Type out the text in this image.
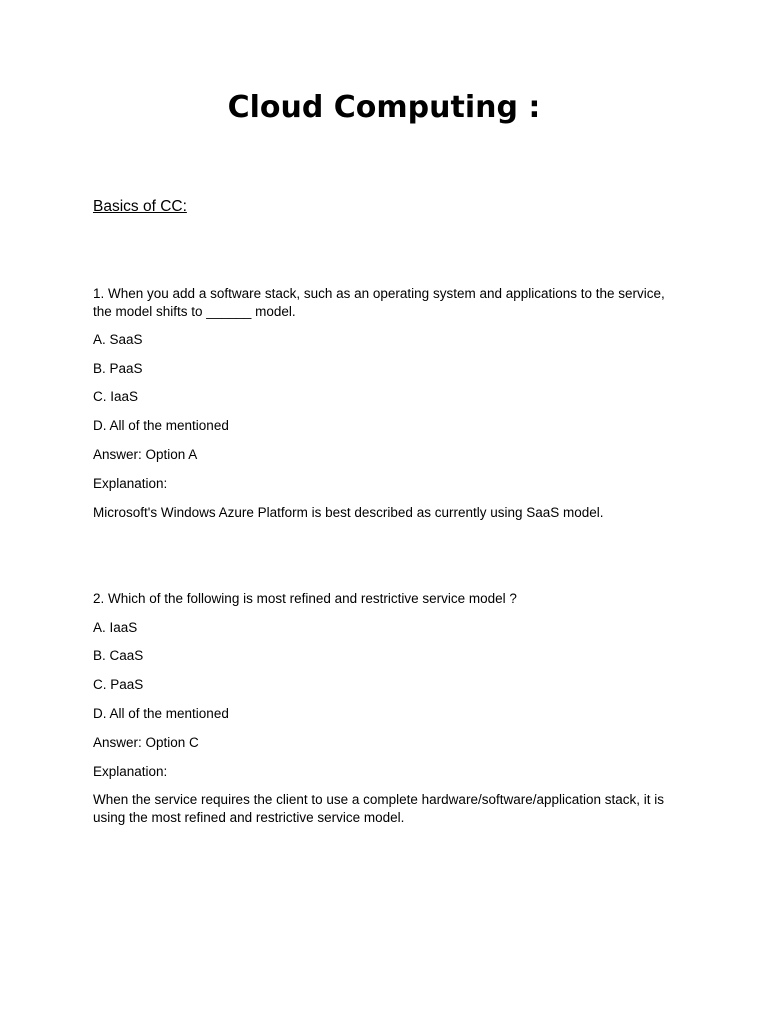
Cloud Computing :
Basics of CC:

1. When you add a software stack, such as an operating system and applications to the service, the model shifts to ______ model.

A. SaaS

B. PaaS

C. IaaS

D. All of the mentioned

Answer: Option A

Explanation:

Microsoft's Windows Azure Platform is best described as currently using SaaS model.

2. Which of the following is most refined and restrictive service model ?

A. IaaS

B. CaaS

C. PaaS

D. All of the mentioned

Answer: Option C

Explanation:

When the service requires the client to use a complete hardware/software/application stack, it is using the most refined and restrictive service model.
